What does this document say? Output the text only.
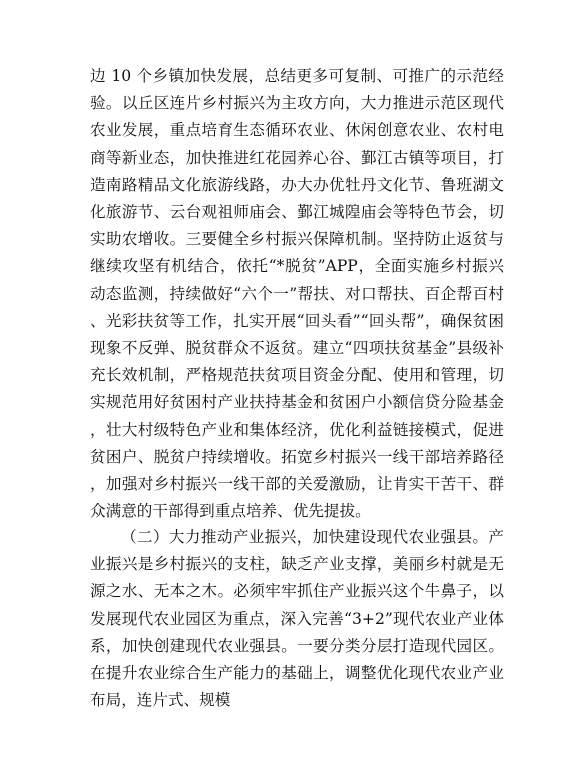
边 10 个乡镇加快发展，总结更多可复制、可推广的示范经验。以丘区连片乡村振兴为主攻方向，大力推进示范区现代农业发展，重点培育生态循环农业、休闲创意农业、农村电商等新业态，加快推进红花园养心谷、鄞江古镇等项目，打造南路精品文化旅游线路，办大办优牡丹文化节、鲁班湖文化旅游节、云台观祖师庙会、鄞江城隍庙会等特色节会，切实助农增收。三要健全乡村振兴保障机制。坚持防止返贫与继续攻坚有机结合，依托“*脱贫”APP，全面实施乡村振兴动态监测，持续做好“六个一”帮扶、对口帮扶、百企帮百村、光彩扶贫等工作，扎实开展“回头看”“回头帮”，确保贫困现象不反弹、脱贫群众不返贫。建立“四项扶贫基金”县级补充长效机制，严格规范扶贫项目资金分配、使用和管理，切实规范用好贫困村产业扶持基金和贫困户小额信贷分险基金，壮大村级特色产业和集体经济，优化利益链接模式，促进贫困户、脱贫户持续增收。拓宽乡村振兴一线干部培养路径，加强对乡村振兴一线干部的关爱激励，让肯实干苦干、群众满意的干部得到重点培养、优先提拔。

（二）大力推动产业振兴，加快建设现代农业强县。产业振兴是乡村振兴的支柱，缺乏产业支撑，美丽乡村就是无源之水、无本之木。必须牢牢抓住产业振兴这个牛鼻子，以发展现代农业园区为重点，深入完善“3+2”现代农业产业体系，加快创建现代农业强县。一要分类分层打造现代园区。在提升农业综合生产能力的基础上，调整优化现代农业产业布局，连片式、规模
